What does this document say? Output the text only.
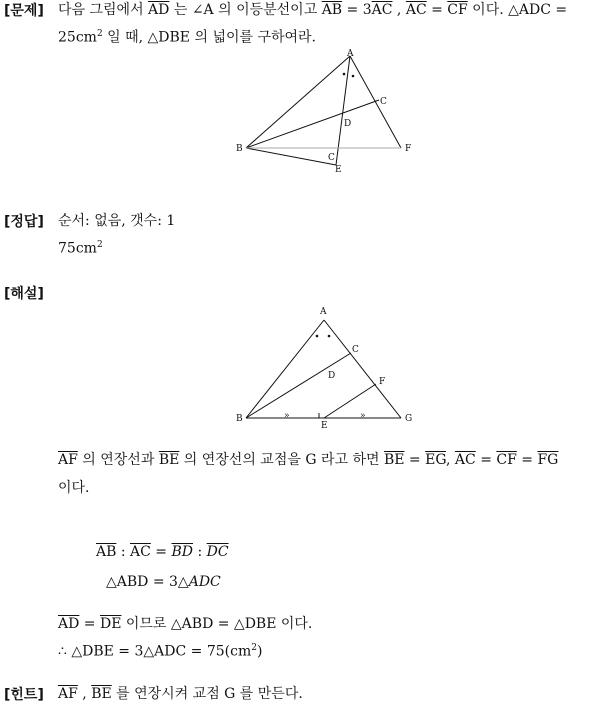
[문제] 다음 그림에서 $\overline{AD}$ 는 ∠A 의 이등분선이고 $\overline{AB} = 3\overline{AC}$ , $\overline{AC} = \overline{CF}$ 이다. △ADC =
$25cm^2$ 일 때, △DBE 의 넓이를 구하여라.
A
C
D
B	F
C
E
[정답] 순서: 없음, 갯수: 1
$75cm^2$
[해설]
»	»
A
C
D
F
B
E
G
$\overline{AF}$ 의 연장선과 $\overline{BE}$ 의 연장선의 교점을 G 라고 하면 $\overline{BE} = \overline{EG}$, $\overline{AC} = \overline{CF} = \overline{FG}$
이다.
$\overline{AB}$ : $\overline{AC} = \overline{BD}$ : $\overline{DC}$
△ABD = 3△ADC
$\overline{AD} = \overline{DE}$ 이므로 △ABD = △DBE 이다.
∴ △DBE = 3△ADC = $75(cm^2)$
[힌트] $\overline{AF}$ , $\overline{BE}$ 를 연장시켜 교점 G 를 만든다.
